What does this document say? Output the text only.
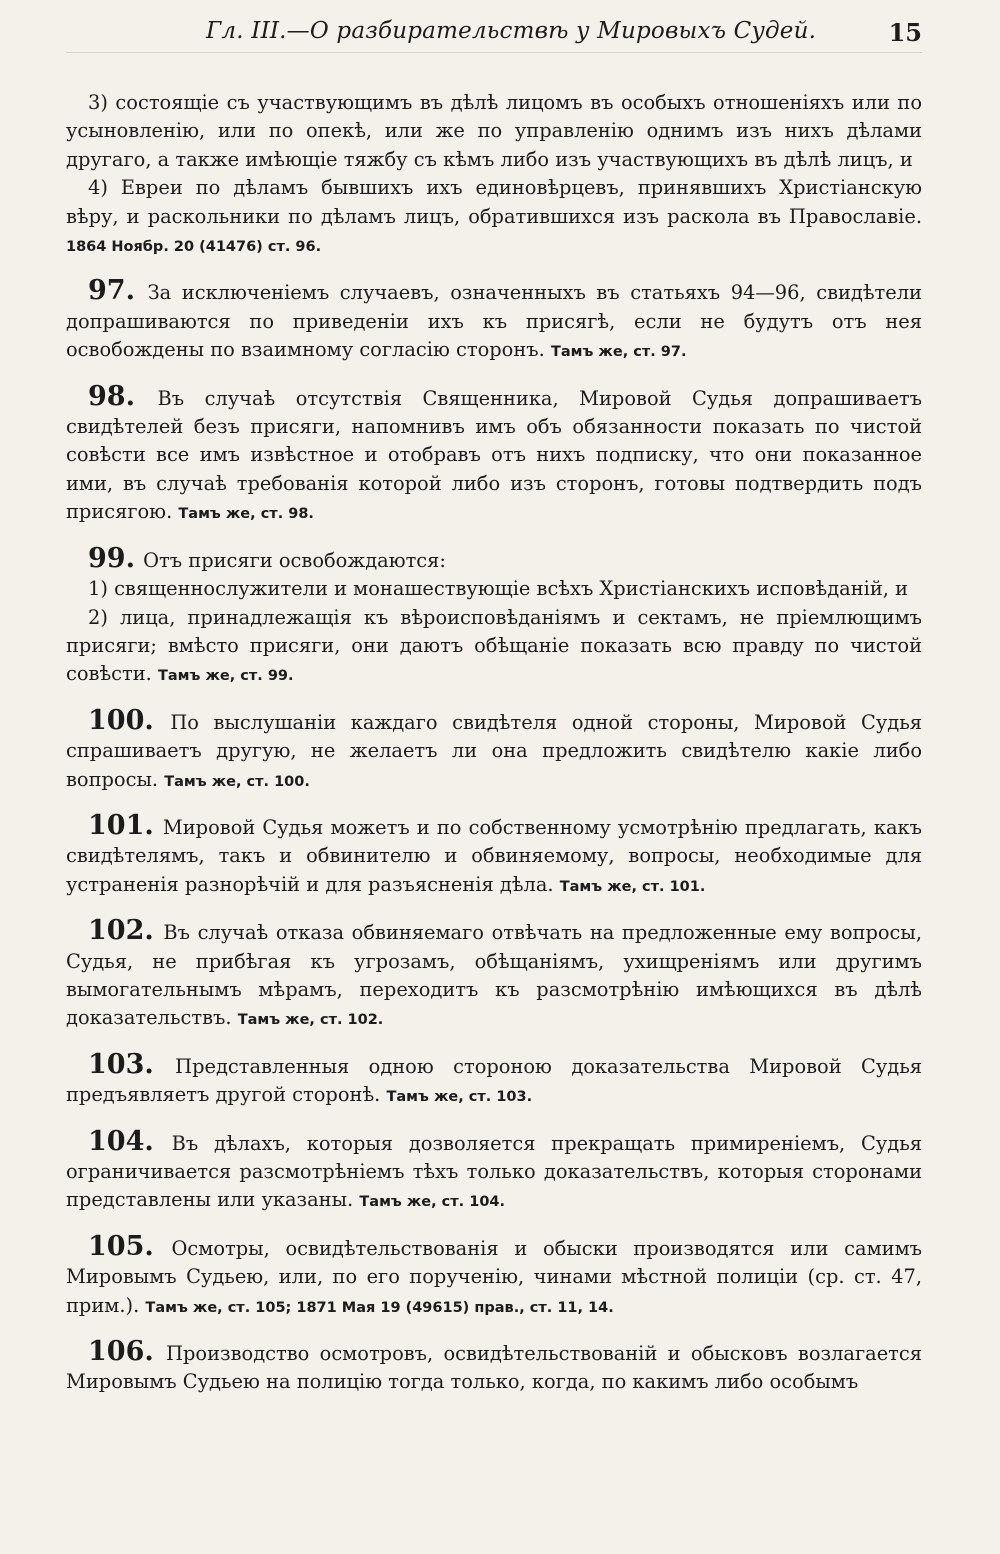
Гл. III.—О разбирательствѣ у Мировыхъ Судей.	15

3) состоящіе съ участвующимъ въ дѣлѣ лицомъ въ особыхъ отношеніяхъ или по усыновленію, или по опекѣ, или же по управленію однимъ изъ нихъ дѣлами другаго, а также имѣющіе тяжбу съ кѣмъ либо изъ участвующихъ въ дѣлѣ лицъ, и

4) Евреи по дѣламъ бывшихъ ихъ единовѣрцевъ, принявшихъ Христіанскую вѣру, и раскольники по дѣламъ лицъ, обратившихся изъ раскола въ Православіе. 1864 Ноябр. 20 (41476) ст. 96.

97. За исключеніемъ случаевъ, означенныхъ въ статьяхъ 94—96, свидѣтели допрашиваются по приведеніи ихъ къ присягѣ, если не будутъ отъ нея освобождены по взаимному согласію сторонъ. Тамъ же, ст. 97.

98. Въ случаѣ отсутствія Священника, Мировой Судья допрашиваетъ свидѣтелей безъ присяги, напомнивъ имъ объ обязанности показать по чистой совѣсти все имъ извѣстное и отобравъ отъ нихъ подписку, что они показанное ими, въ случаѣ требованія которой либо изъ сторонъ, готовы подтвердить подъ присягою. Тамъ же, ст. 98.

99. Отъ присяги освобождаются:

1) священнослужители и монашествующіе всѣхъ Христіанскихъ исповѣданій, и

2) лица, принадлежащія къ вѣроисповѣданіямъ и сектамъ, не пріемлющимъ присяги; вмѣсто присяги, они даютъ обѣщаніе показать всю правду по чистой совѣсти. Тамъ же, ст. 99.

100. По выслушаніи каждаго свидѣтеля одной стороны, Мировой Судья спрашиваетъ другую, не желаетъ ли она предложить свидѣтелю какіе либо вопросы. Тамъ же, ст. 100.

101. Мировой Судья можетъ и по собственному усмотрѣнію предлагать, какъ свидѣтелямъ, такъ и обвинителю и обвиняемому, вопросы, необходимые для устраненія разнорѣчій и для разъясненія дѣла. Тамъ же, ст. 101.

102. Въ случаѣ отказа обвиняемаго отвѣчать на предложенные ему вопросы, Судья, не прибѣгая къ угрозамъ, обѣщаніямъ, ухищреніямъ или другимъ вымогательнымъ мѣрамъ, переходитъ къ разсмотрѣнію имѣющихся въ дѣлѣ доказательствъ. Тамъ же, ст. 102.

103. Представленныя одною стороною доказательства Мировой Судья предъявляетъ другой сторонѣ. Тамъ же, ст. 103.

104. Въ дѣлахъ, которыя дозволяется прекращать примиреніемъ, Судья ограничивается разсмотрѣніемъ тѣхъ только доказательствъ, которыя сторонами представлены или указаны. Тамъ же, ст. 104.

105. Осмотры, освидѣтельствованія и обыски производятся или самимъ Мировымъ Судьею, или, по его порученію, чинами мѣстной полиціи (ср. ст. 47, прим.). Тамъ же, ст. 105; 1871 Мая 19 (49615) прав., ст. 11, 14.

106. Производство осмотровъ, освидѣтельствованій и обысковъ возлагается Мировымъ Судьею на полицію тогда только, когда, по какимъ либо особымъ
